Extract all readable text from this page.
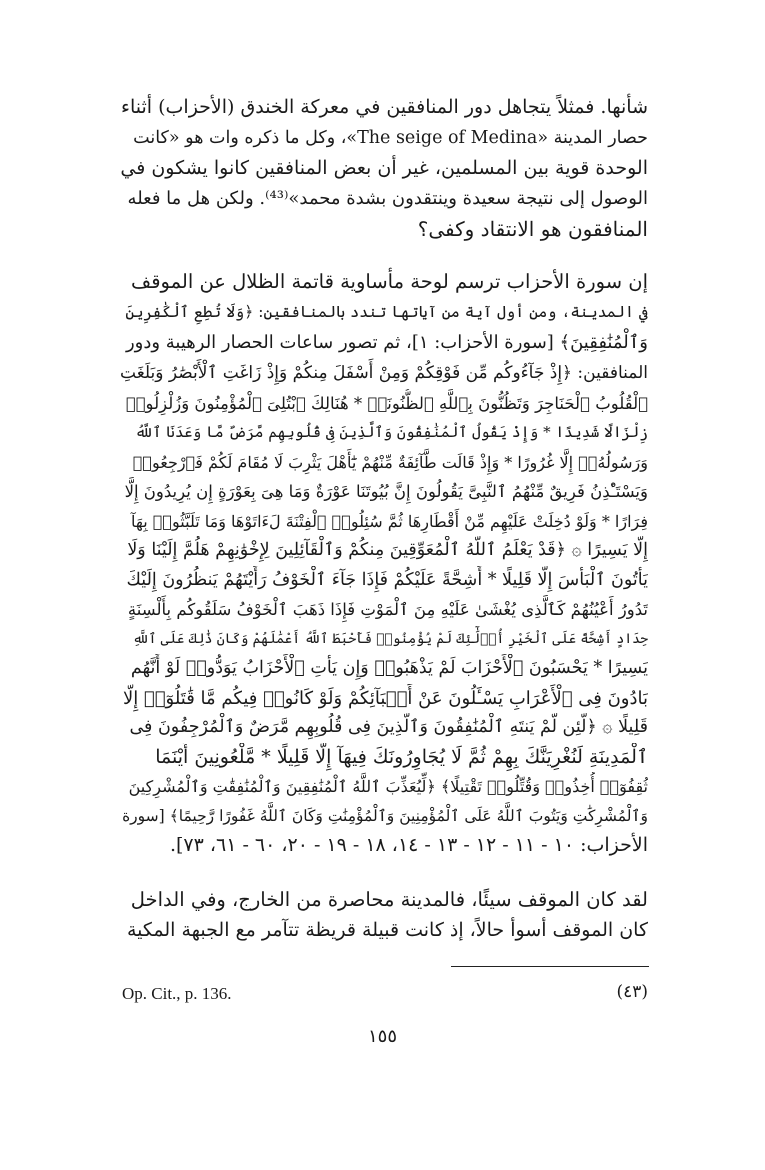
شأنها. فمثلاً يتجاهل دور المنافقين في معركة الخندق (الأحزاب) أثناء
حصار المدينة «The seige of Medina»، وكل ما ذكره وات هو «كانت
الوحدة قوية بين المسلمين، غير أن بعض المنافقين كانوا يشكون في
الوصول إلى نتيجة سعيدة وينتقدون بشدة محمد»⁽⁴³⁾. ولكن هل ما فعله
المنافقون هو الانتقاد وكفى؟
إن سورة الأحزاب ترسم لوحة مأساوية قاتمة الظلال عن الموقف
في المدينة، ومن أول آية من آياتها تندد بالمنافقين: ﴿وَلَا تُطِعِ ٱلْكَٰفِرِينَ
وَٱلْمُنَٰفِقِينَ﴾ [سورة الأحزاب: ١]، ثم تصور ساعات الحصار الرهيبة ودور
المنافقين: ﴿إِذْ جَآءُوكُم مِّن فَوْقِكُمْ وَمِنْ أَسْفَلَ مِنكُمْ وَإِذْ زَاغَتِ ٱلْأَبْصَٰرُ وَبَلَغَتِ
ٱلْقُلُوبُ ٱلْحَنَاجِرَ وَتَظُنُّونَ بِٱللَّهِ ٱلظُّنُونَا۠ * هُنَالِكَ ٱبْتُلِىَ ٱلْمُؤْمِنُونَ وَزُلْزِلُوا۟
زِلْزَالًا شَدِيدًا * وَإِذْ يَقُولُ ٱلْمُنَٰفِقُونَ وَٱلَّذِينَ فِى قُلُوبِهِم مَّرَضٌ مَّا وَعَدَنَا ٱللَّهُ
وَرَسُولُهُۥٓ إِلَّا غُرُورًا * وَإِذْ قَالَت طَّآئِفَةٌ مِّنْهُمْ يَٰٓأَهْلَ يَثْرِبَ لَا مُقَامَ لَكُمْ فَٱرْجِعُوا۟
وَيَسْتَـْٔذِنُ فَرِيقٌ مِّنْهُمُ ٱلنَّبِىَّ يَقُولُونَ إِنَّ بُيُوتَنَا عَوْرَةٌ وَمَا هِىَ بِعَوْرَةٍ إِن يُرِيدُونَ إِلَّا
فِرَارًا * وَلَوْ دُخِلَتْ عَلَيْهِم مِّنْ أَقْطَارِهَا ثُمَّ سُئِلُوا۟ ٱلْفِتْنَةَ لَءَاتَوْهَا وَمَا تَلَبَّثُوا۟ بِهَآ
إِلَّا يَسِيرًا ۞ ﴿قَدْ يَعْلَمُ ٱللَّهُ ٱلْمُعَوِّقِينَ مِنكُمْ وَٱلْقَآئِلِينَ لِإِخْوَٰنِهِمْ هَلُمَّ إِلَيْنَا وَلَا
يَأْتُونَ ٱلْبَأْسَ إِلَّا قَلِيلًا * أَشِحَّةً عَلَيْكُمْ فَإِذَا جَآءَ ٱلْخَوْفُ رَأَيْتَهُمْ يَنظُرُونَ إِلَيْكَ
تَدُورُ أَعْيُنُهُمْ كَٱلَّذِى يُغْشَىٰ عَلَيْهِ مِنَ ٱلْمَوْتِ فَإِذَا ذَهَبَ ٱلْخَوْفُ سَلَقُوكُم بِأَلْسِنَةٍ
حِدَادٍ أَشِحَّةً عَلَى ٱلْخَيْرِ أُو۟لَٰٓئِكَ لَمْ يُؤْمِنُوا۟ فَأَحْبَطَ ٱللَّهُ أَعْمَٰلَهُمْ وَكَانَ ذَٰلِكَ عَلَى ٱللَّهِ
يَسِيرًا * يَحْسَبُونَ ٱلْأَحْزَابَ لَمْ يَذْهَبُوا۟ وَإِن يَأْتِ ٱلْأَحْزَابُ يَوَدُّوا۟ لَوْ أَنَّهُم
بَادُونَ فِى ٱلْأَعْرَابِ يَسْـَٔلُونَ عَنْ أَنۢبَآئِكُمْ وَلَوْ كَانُوا۟ فِيكُم مَّا قَٰتَلُوٓا۟ إِلَّا
قَلِيلًا ۞ ﴿لَّئِن لَّمْ يَنتَهِ ٱلْمُنَٰفِقُونَ وَٱلَّذِينَ فِى قُلُوبِهِم مَّرَضٌ وَٱلْمُرْجِفُونَ فِى
ٱلْمَدِينَةِ لَنُغْرِيَنَّكَ بِهِمْ ثُمَّ لَا يُجَاوِرُونَكَ فِيهَآ إِلَّا قَلِيلًا * مَّلْعُونِينَ أَيْنَمَا
ثُقِفُوٓا۟ أُخِذُوا۟ وَقُتِّلُوا۟ تَقْتِيلًا﴾ ﴿لِّيُعَذِّبَ ٱللَّهُ ٱلْمُنَٰفِقِينَ وَٱلْمُنَٰفِقَٰتِ وَٱلْمُشْرِكِينَ
وَٱلْمُشْرِكَٰتِ وَيَتُوبَ ٱللَّهُ عَلَى ٱلْمُؤْمِنِينَ وَٱلْمُؤْمِنَٰتِ وَكَانَ ٱللَّهُ غَفُورًا رَّحِيمًا﴾ [سورة
الأحزاب: ١٠ - ١١ - ١٢ - ١٣ - ١٤، ١٨ - ١٩ - ٢٠، ٦٠ - ٦١، ٧٣].
لقد كان الموقف سيئًا، فالمدينة محاصرة من الخارج، وفي الداخل
كان الموقف أسوأ حالاً، إذ كانت قبيلة قريظة تتآمر مع الجبهة المكية
Op. Cit., p. 136.	(٤٣)
١٥٥
